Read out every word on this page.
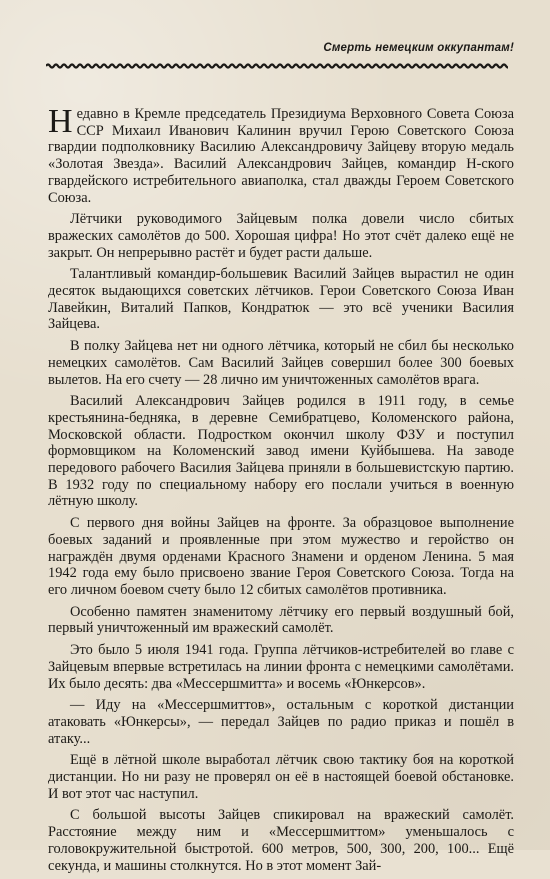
Смерть немецким оккупантам!

Недавно в Кремле председатель Президиума Верховного Совета Союза ССР Михаил Иванович Калинин вручил Герою Советского Союза гвардии подполковнику Василию Александровичу Зайцеву вторую медаль «Золотая Звезда». Василий Александрович Зайцев, командир Н-ского гвардейского истребительного авиаполка, стал дважды Героем Советского Союза.

Лётчики руководимого Зайцевым полка довели число сбитых вражеских самолётов до 500. Хорошая цифра! Но этот счёт далеко ещё не закрыт. Он непрерывно растёт и будет расти дальше.

Талантливый командир-большевик Василий Зайцев вырастил не один десяток выдающихся советских лётчиков. Герои Советского Союза Иван Лавейкин, Виталий Папков, Кондратюк — это всё ученики Василия Зайцева.

В полку Зайцева нет ни одного лётчика, который не сбил бы несколько немецких самолётов. Сам Василий Зайцев совершил более 300 боевых вылетов. На его счету — 28 лично им уничтоженных самолётов врага.

Василий Александрович Зайцев родился в 1911 году, в семье крестьянина-бедняка, в деревне Семибратцево, Коломенского района, Московской области. Подростком окончил школу ФЗУ и поступил формовщиком на Коломенский завод имени Куйбышева. На заводе передового рабочего Василия Зайцева приняли в большевистскую партию. В 1932 году по специальному набору его послали учиться в военную лётную школу.

С первого дня войны Зайцев на фронте. За образцовое выполнение боевых заданий и проявленные при этом мужество и геройство он награждён двумя орденами Красного Знамени и орденом Ленина. 5 мая 1942 года ему было присвоено звание Героя Советского Союза. Тогда на его личном боевом счету было 12 сбитых самолётов противника.

Особенно памятен знаменитому лётчику его первый воздушный бой, первый уничтоженный им вражеский самолёт.

Это было 5 июля 1941 года. Группа лётчиков-истребителей во главе с Зайцевым впервые встретилась на линии фронта с немецкими самолётами. Их было десять: два «Мессершмитта» и восемь «Юнкерсов».

— Иду на «Мессершмиттов», остальным с короткой дистанции атаковать «Юнкерсы», — передал Зайцев по радио приказ и пошёл в атаку...

Ещё в лётной школе выработал лётчик свою тактику боя на короткой дистанции. Но ни разу не проверял он её в настоящей боевой обстановке. И вот этот час наступил.

С большой высоты Зайцев спикировал на вражеский самолёт. Расстояние между ним и «Мессершмиттом» уменьшалось с головокружительной быстротой. 600 метров, 500, 300, 200, 100... Ещё секунда, и машины столкнутся. Но в этот момент Зай-
